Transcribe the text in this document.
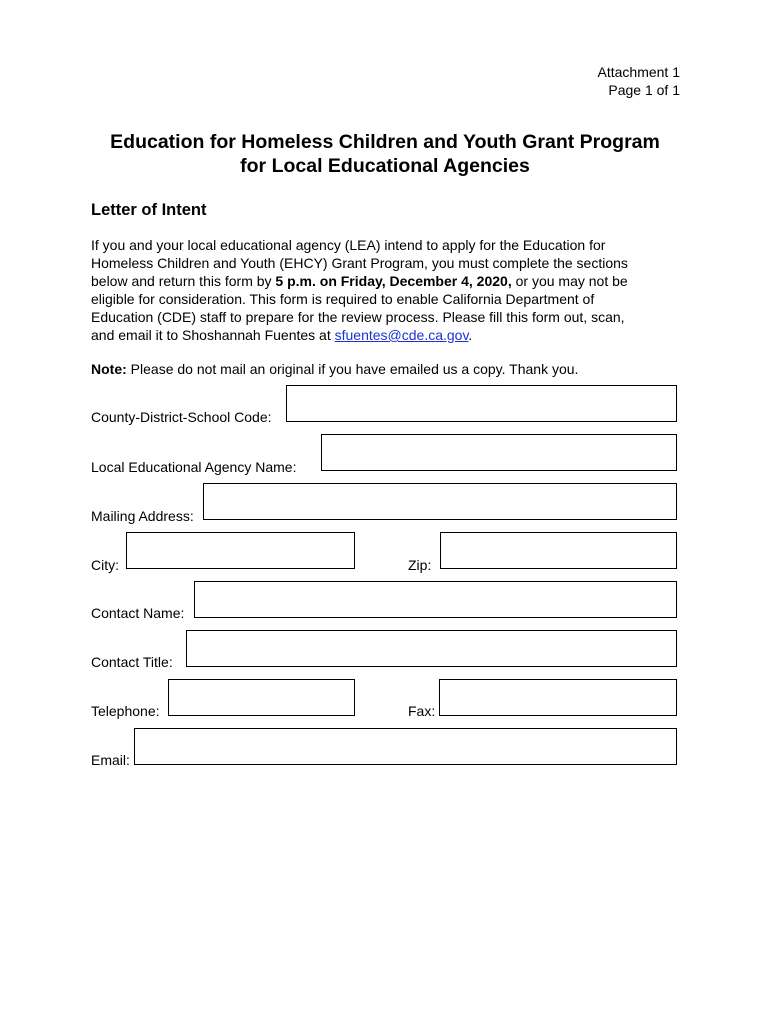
Attachment 1
Page 1 of 1
Education for Homeless Children and Youth Grant Program
for Local Educational Agencies
Letter of Intent
If you and your local educational agency (LEA) intend to apply for the Education for
Homeless Children and Youth (EHCY) Grant Program, you must complete the sections
below and return this form by 5 p.m. on Friday, December 4, 2020, or you may not be
eligible for consideration. This form is required to enable California Department of
Education (CDE) staff to prepare for the review process. Please fill this form out, scan,
and email it to Shoshannah Fuentes at sfuentes@cde.ca.gov.
Note: Please do not mail an original if you have emailed us a copy. Thank you.
County-District-School Code:
Local Educational Agency Name:
Mailing Address:
City:	Zip:
Contact Name:
Contact Title:
Telephone:	Fax:
Email:
